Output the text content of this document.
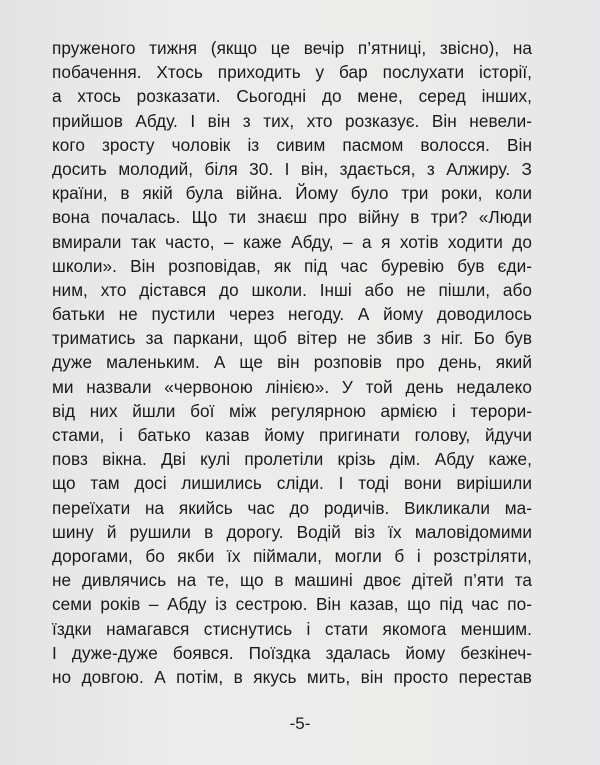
пруженого тижня (якщо це вечір п’ятниці, звісно), на
побачення. Хтось приходить у бар послухати історії,
а хтось розказати. Сьогодні до мене, серед інших,
прийшов Абду. І він з тих, хто розказує. Він невели-
кого зросту чоловік із сивим пасмом волосся. Він
досить молодий, біля 30. І він, здається, з Алжиру. З
країни, в якій була війна. Йому було три роки, коли
вона почалась. Що ти знаєш про війну в три? «Люди
вмирали так часто, – каже Абду, – а я хотів ходити до
школи». Він розповідав, як під час буревію був єди-
ним, хто дістався до школи. Інші або не пішли, або
батьки не пустили через негоду. А йому доводилось
триматись за паркани, щоб вітер не збив з ніг. Бо був
дуже маленьким. А ще він розповів про день, який
ми назвали «червоною лінією». У той день недалеко
від них йшли бої між регулярною армією і терори-
стами, і батько казав йому пригинати голову, йдучи
повз вікна. Дві кулі пролетіли крізь дім. Абду каже,
що там досі лишились сліди. І тоді вони вирішили
переїхати на якийсь час до родичів. Викликали ма-
шину й рушили в дорогу. Водій віз їх маловідомими
дорогами, бо якби їх піймали, могли б і розстріляти,
не дивлячись на те, що в машині двоє дітей п’яти та
семи років – Абду із сестрою. Він казав, що під час по-
їздки намагався стиснутись і стати якомога меншим.
І дуже-дуже боявся. Поїздка здалась йому безкінеч-
но довгою. А потім, в якусь мить, він просто перестав
-5-
